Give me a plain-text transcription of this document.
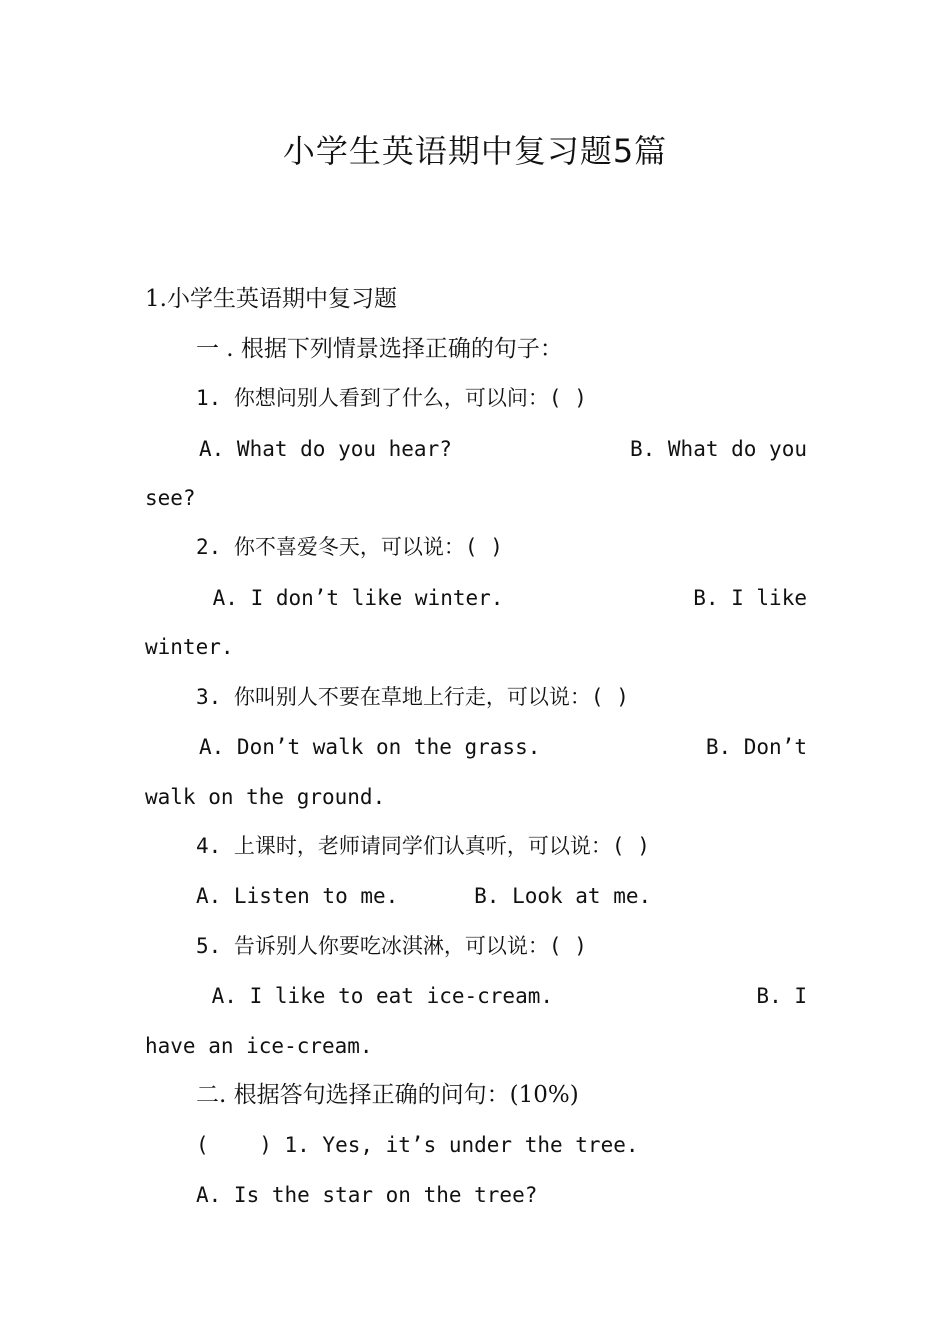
小学生英语期中复习题5篇
1.小学生英语期中复习题
一 . 根据下列情景选择正确的句子：
1. 你想问别人看到了什么，可以问：( )
A. What do you hear?	B. What do you
see?
2. 你不喜爱冬天，可以说：( )
A. I don’t like winter.	B. I like
winter.
3. 你叫别人不要在草地上行走，可以说：( )
A. Don’t walk on the grass.	B. Don’t
walk on the ground.
4. 上课时，老师请同学们认真听，可以说：( )
A. Listen to me.      B. Look at me.
5. 告诉别人你要吃冰淇淋，可以说：( )
A. I like to eat ice-cream.	B. I
have an ice-cream.
二. 根据答句选择正确的问句：(10%)
(    ) 1. Yes, it’s under the tree.
A. Is the star on the tree?
